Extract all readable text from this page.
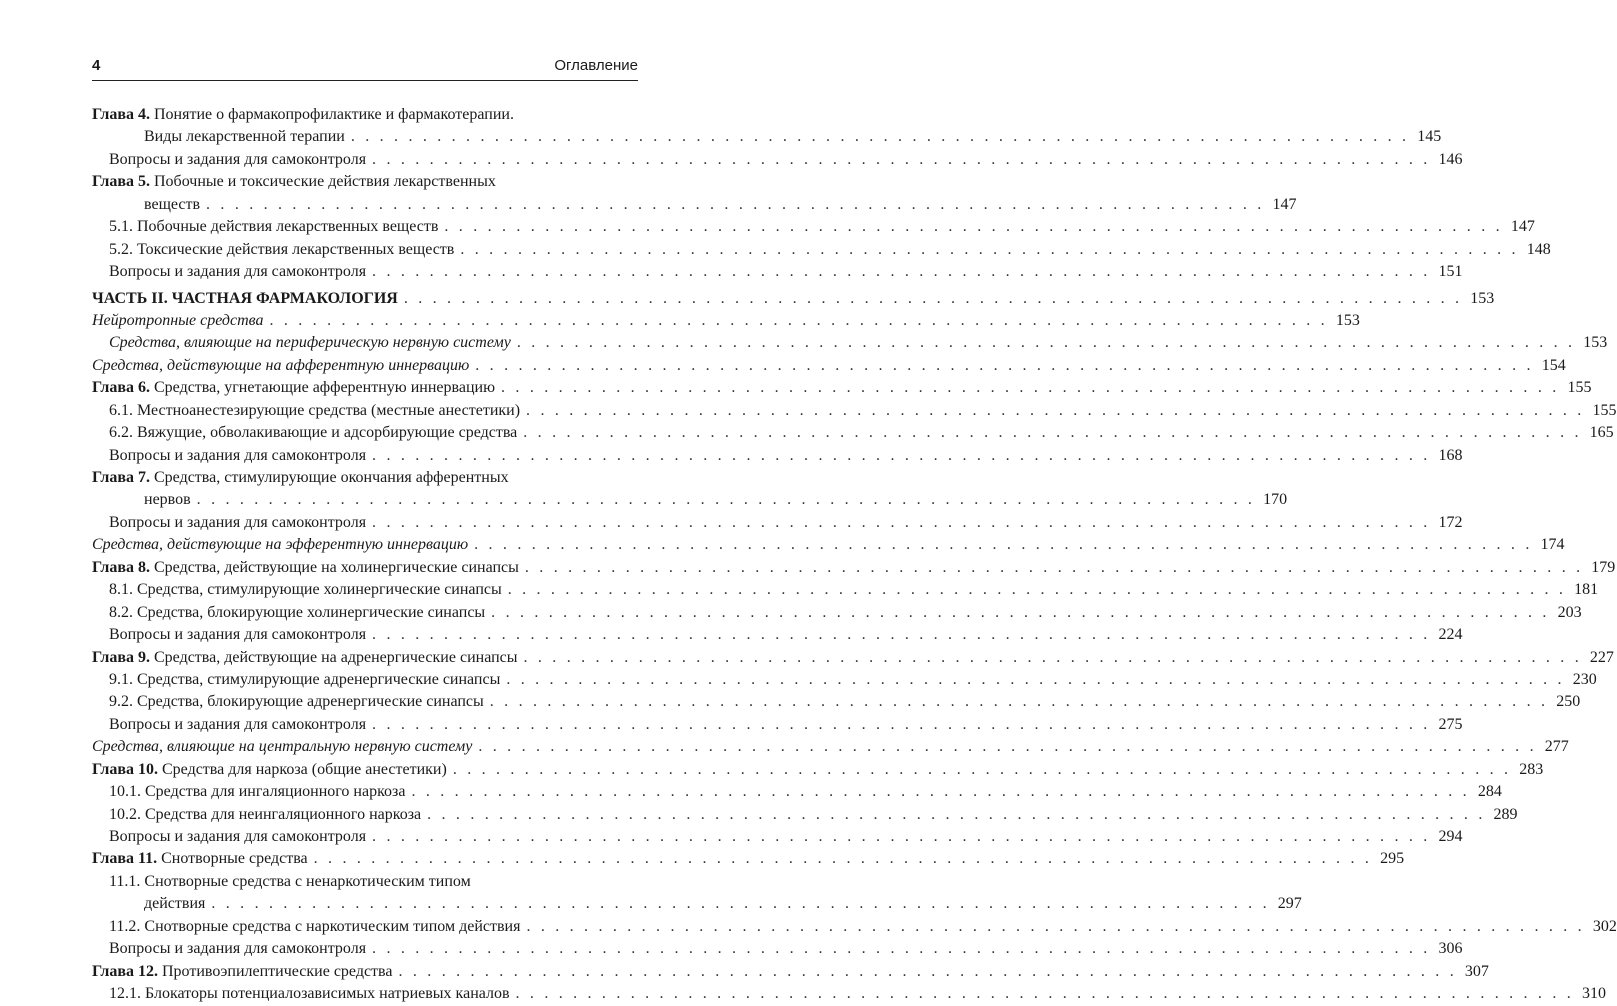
4	Оглавление
Глава 4. Понятие о фармакопрофилактике и фармакотерапии.
Виды лекарственной терапии . . . . . . . . . . . . . . . . . . . . . . . . . . . . . . . . . . . . . . . . . . . . . . . . . . . . . . . . . . . . . . . . . . . . . . . . . . 145
Вопросы и задания для самоконтроля . . . . . . . . . . . . . . . . . . . . . . . . . . . . . . . . . . . . . . . . . . . . . . . . . . . . . . . . . . . . . . . . . . . . . . . . . . 146
Глава 5. Побочные и токсические действия лекарственных
веществ . . . . . . . . . . . . . . . . . . . . . . . . . . . . . . . . . . . . . . . . . . . . . . . . . . . . . . . . . . . . . . . . . . . . . . . . . . 147
5.1. Побочные действия лекарственных веществ . . . . . . . . . . . . . . . . . . . . . . . . . . . . . . . . . . . . . . . . . . . . . . . . . . . . . . . . . . . . . . . . . . . . . . . . . . 147
5.2. Токсические действия лекарственных веществ . . . . . . . . . . . . . . . . . . . . . . . . . . . . . . . . . . . . . . . . . . . . . . . . . . . . . . . . . . . . . . . . . . . . . . . . . . 148
Вопросы и задания для самоконтроля . . . . . . . . . . . . . . . . . . . . . . . . . . . . . . . . . . . . . . . . . . . . . . . . . . . . . . . . . . . . . . . . . . . . . . . . . . 151
ЧАСТЬ II. ЧАСТНАЯ ФАРМАКОЛОГИЯ . . . . . . . . . . . . . . . . . . . . . . . . . . . . . . . . . . . . . . . . . . . . . . . . . . . . . . . . . . . . . . . . . . . . . . . . . . 153
Нейротропные средства . . . . . . . . . . . . . . . . . . . . . . . . . . . . . . . . . . . . . . . . . . . . . . . . . . . . . . . . . . . . . . . . . . . . . . . . . . 153
Средства, влияющие на периферическую нервную систему . . . . . . . . . . . . . . . . . . . . . . . . . . . . . . . . . . . . . . . . . . . . . . . . . . . . . . . . . . . . . . . . . . . . . . . . . . 153
Средства, действующие на афферентную иннервацию . . . . . . . . . . . . . . . . . . . . . . . . . . . . . . . . . . . . . . . . . . . . . . . . . . . . . . . . . . . . . . . . . . . . . . . . . . 154
Глава 6. Средства, угнетающие афферентную иннервацию . . . . . . . . . . . . . . . . . . . . . . . . . . . . . . . . . . . . . . . . . . . . . . . . . . . . . . . . . . . . . . . . . . . . . . . . . . 155
6.1. Местноанестезирующие средства (местные анестетики) . . . . . . . . . . . . . . . . . . . . . . . . . . . . . . . . . . . . . . . . . . . . . . . . . . . . . . . . . . . . . . . . . . . . . . . . . . 155
6.2. Вяжущие, обволакивающие и адсорбирующие средства . . . . . . . . . . . . . . . . . . . . . . . . . . . . . . . . . . . . . . . . . . . . . . . . . . . . . . . . . . . . . . . . . . . . . . . . . . 165
Вопросы и задания для самоконтроля . . . . . . . . . . . . . . . . . . . . . . . . . . . . . . . . . . . . . . . . . . . . . . . . . . . . . . . . . . . . . . . . . . . . . . . . . . 168
Глава 7. Средства, стимулирующие окончания афферентных
нервов . . . . . . . . . . . . . . . . . . . . . . . . . . . . . . . . . . . . . . . . . . . . . . . . . . . . . . . . . . . . . . . . . . . . . . . . . . 170
Вопросы и задания для самоконтроля . . . . . . . . . . . . . . . . . . . . . . . . . . . . . . . . . . . . . . . . . . . . . . . . . . . . . . . . . . . . . . . . . . . . . . . . . . 172
Средства, действующие на эфферентную иннервацию . . . . . . . . . . . . . . . . . . . . . . . . . . . . . . . . . . . . . . . . . . . . . . . . . . . . . . . . . . . . . . . . . . . . . . . . . . 174
Глава 8. Средства, действующие на холинергические синапсы . . . . . . . . . . . . . . . . . . . . . . . . . . . . . . . . . . . . . . . . . . . . . . . . . . . . . . . . . . . . . . . . . . . . . . . . . . 179
8.1. Средства, стимулирующие холинергические синапсы . . . . . . . . . . . . . . . . . . . . . . . . . . . . . . . . . . . . . . . . . . . . . . . . . . . . . . . . . . . . . . . . . . . . . . . . . . 181
8.2. Средства, блокирующие холинергические синапсы . . . . . . . . . . . . . . . . . . . . . . . . . . . . . . . . . . . . . . . . . . . . . . . . . . . . . . . . . . . . . . . . . . . . . . . . . . 203
Вопросы и задания для самоконтроля . . . . . . . . . . . . . . . . . . . . . . . . . . . . . . . . . . . . . . . . . . . . . . . . . . . . . . . . . . . . . . . . . . . . . . . . . . 224
Глава 9. Средства, действующие на адренергические синапсы . . . . . . . . . . . . . . . . . . . . . . . . . . . . . . . . . . . . . . . . . . . . . . . . . . . . . . . . . . . . . . . . . . . . . . . . . . 227
9.1. Средства, стимулирующие адренергические синапсы . . . . . . . . . . . . . . . . . . . . . . . . . . . . . . . . . . . . . . . . . . . . . . . . . . . . . . . . . . . . . . . . . . . . . . . . . . 230
9.2. Средства, блокирующие адренергические синапсы . . . . . . . . . . . . . . . . . . . . . . . . . . . . . . . . . . . . . . . . . . . . . . . . . . . . . . . . . . . . . . . . . . . . . . . . . . 250
Вопросы и задания для самоконтроля . . . . . . . . . . . . . . . . . . . . . . . . . . . . . . . . . . . . . . . . . . . . . . . . . . . . . . . . . . . . . . . . . . . . . . . . . . 275
Средства, влияющие на центральную нервную систему . . . . . . . . . . . . . . . . . . . . . . . . . . . . . . . . . . . . . . . . . . . . . . . . . . . . . . . . . . . . . . . . . . . . . . . . . . 277
Глава 10. Средства для наркоза (общие анестетики) . . . . . . . . . . . . . . . . . . . . . . . . . . . . . . . . . . . . . . . . . . . . . . . . . . . . . . . . . . . . . . . . . . . . . . . . . . 283
10.1. Средства для ингаляционного наркоза . . . . . . . . . . . . . . . . . . . . . . . . . . . . . . . . . . . . . . . . . . . . . . . . . . . . . . . . . . . . . . . . . . . . . . . . . . 284
10.2. Средства для неингаляционного наркоза . . . . . . . . . . . . . . . . . . . . . . . . . . . . . . . . . . . . . . . . . . . . . . . . . . . . . . . . . . . . . . . . . . . . . . . . . . 289
Вопросы и задания для самоконтроля . . . . . . . . . . . . . . . . . . . . . . . . . . . . . . . . . . . . . . . . . . . . . . . . . . . . . . . . . . . . . . . . . . . . . . . . . . 294
Глава 11. Снотворные средства . . . . . . . . . . . . . . . . . . . . . . . . . . . . . . . . . . . . . . . . . . . . . . . . . . . . . . . . . . . . . . . . . . . . . . . . . . 295
11.1. Снотворные средства с ненаркотическим типом
действия . . . . . . . . . . . . . . . . . . . . . . . . . . . . . . . . . . . . . . . . . . . . . . . . . . . . . . . . . . . . . . . . . . . . . . . . . . 297
11.2. Снотворные средства с наркотическим типом действия . . . . . . . . . . . . . . . . . . . . . . . . . . . . . . . . . . . . . . . . . . . . . . . . . . . . . . . . . . . . . . . . . . . . . . . . . . 302
Вопросы и задания для самоконтроля . . . . . . . . . . . . . . . . . . . . . . . . . . . . . . . . . . . . . . . . . . . . . . . . . . . . . . . . . . . . . . . . . . . . . . . . . . 306
Глава 12. Противоэпилептические средства . . . . . . . . . . . . . . . . . . . . . . . . . . . . . . . . . . . . . . . . . . . . . . . . . . . . . . . . . . . . . . . . . . . . . . . . . . 307
12.1. Блокаторы потенциалозависимых натриевых каналов . . . . . . . . . . . . . . . . . . . . . . . . . . . . . . . . . . . . . . . . . . . . . . . . . . . . . . . . . . . . . . . . . . . . . . . . . . 310
